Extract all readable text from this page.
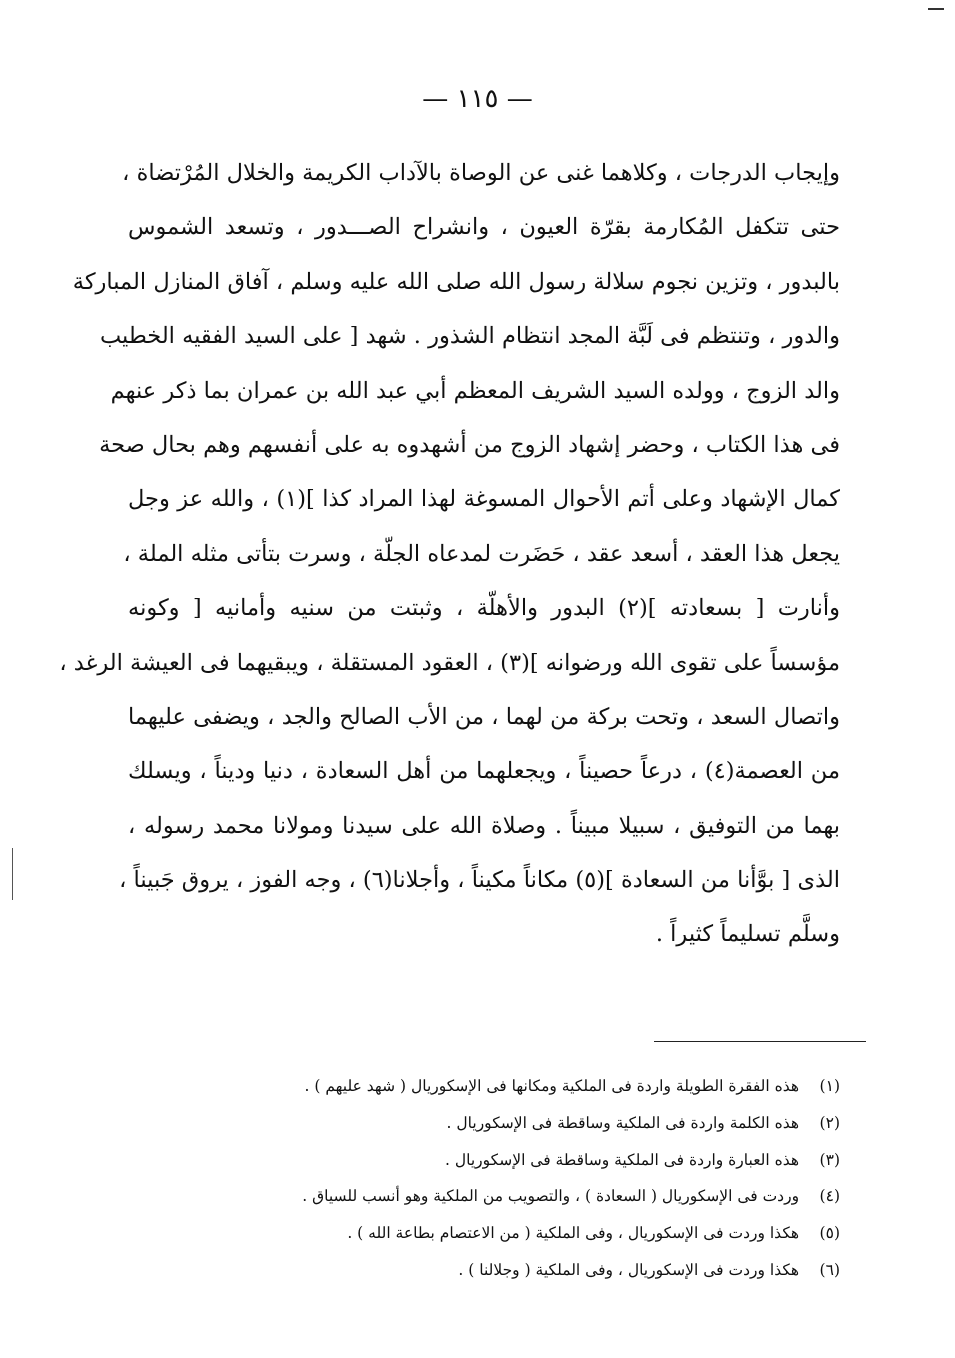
— ١١٥ —
وإيجاب الدرجات ، وكلاهما غنى عن الوصاة بالآداب الكريمة والخلال المُرْتضاة ،
حتى تتكفل المُكارمة بقرّة العيون ، وانشراح الصـــدور ، وتسعد الشموس
بالبدور ، وتزين نجوم سلالة رسول الله صلى الله عليه وسلم ، آفاق المنازل المباركة
والدور ، وتنتظم فى لَبَّة المجد انتظام الشذور . شهد [ على السيد الفقيه الخطيب
والد الزوج ، وولده السيد الشريف المعظم أبي عبد الله بن عمران بما ذكر عنهم
فى هذا الكتاب ، وحضر إشهاد الزوج من أشهدوه به على أنفسهم وهم بحال صحة
كمال الإشهاد وعلى أتم الأحوال المسوغة لهذا المراد كذا ](١) ، والله عز وجل
يجعل هذا العقد ، أسعد عقد ، حَضَرت لمدعاه الجلّة ، وسرت بتأتى مثله الملة ،
وأنارت [ بسعادته ](٢) البدور والأهلّة ، وثبتت من سنيه وأمانيه [ وكونه
مؤسساً على تقوى الله ورضوانه ](٣) ، العقود المستقلة ، ويبقيهما فى العيشة الرغد ،
واتصال السعد ، وتحت بركة من لهما ، من الأب الصالح والجد ، ويضفى عليهما
من العصمة(٤) ، درعاً حصيناً ، ويجعلهما من أهل السعادة ، دنيا وديناً ، ويسلك
بهما من التوفيق ، سبيلا مبيناً . وصلاة الله على سيدنا ومولانا محمد رسوله ،
الذى [ بوَّأنا من السعادة ](٥) مكاناً مكيناً ، وأجلانا(٦) ، وجه الفوز ، يروق جَبيناً ،
وسلَّم تسليماً كثيراً .
(١) هذه الفقرة الطويلة واردة فى الملكية ومكانها فى الإسكوريال ( شهد عليهم ) .
(٢) هذه الكلمة واردة فى الملكية وساقطة فى الإسكوريال .
(٣) هذه العبارة واردة فى الملكية وساقطة فى الإسكوريال .
(٤) وردت فى الإسكوريال ( السعادة ) ، والتصويب من الملكية وهو أنسب للسياق .
(٥) هكذا وردت فى الإسكوريال ، وفى الملكية ( من الاعتصام بطاعة الله ) .
(٦) هكذا وردت فى الإسكوريال ، وفى الملكية ( وجلالنا ) .
